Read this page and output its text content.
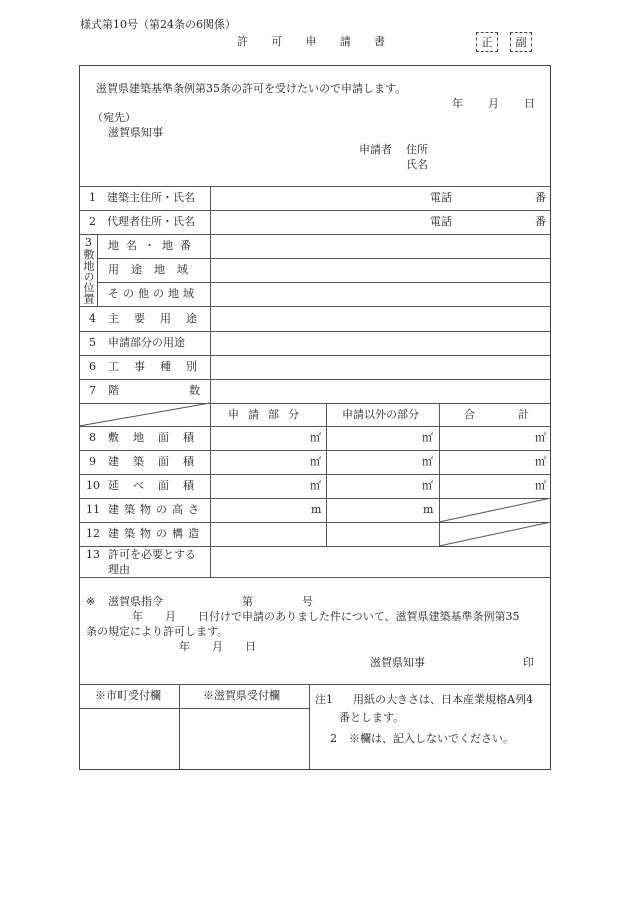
様式第10号（第24条の6関係）
許 可 申 請 書	正	副
滋賀県建築基準条例第35条の許可を受けたいので申請します。
年 月 日
（宛先）
滋賀県知事
申請者 住所
氏名
1　建築主住所・氏名	電話	番
2　代理者住所・氏名	電話	番
3敷地の位置 地名・地番
用途地域
その他の地域
4 主要用途
5 申請部分の用途
6 工事種別
7 階数
申請部分	申請以外の部分	合計
8 敷地面積	㎡	㎡	㎡
9 建築面積	㎡	㎡	㎡
10 延べ面積	㎡	㎡	㎡
11 建築物の高さ	m	m
12 建築物の構造
13 許可を必要とする
理由
※ 滋賀県指令	第	号
年　　月　　日付けで申請のありました件について、滋賀県建築基準条例第35
条の規定により許可します。
年　　月　　日
滋賀県知事	印
※市町受付欄	※滋賀県受付欄	注1 用紙の大きさは、日本産業規格A列4
番とします。
2 ※欄は、記入しないでください。
